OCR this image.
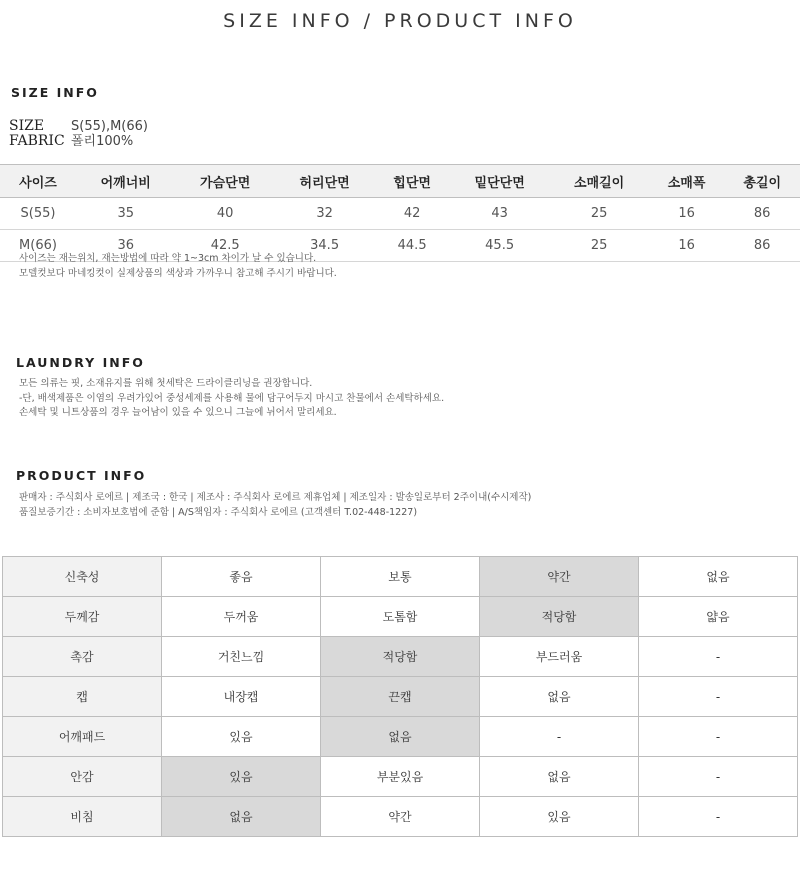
SIZE INFO / PRODUCT INFO
SIZE INFO
SIZE	S(55),M(66)
FABRIC 폴리100%
사이즈	어깨너비	가슴단면	허리단면	힙단면	밑단단면	소매길이	소매폭	총길이
S(55)	35	40	32	42	43	25	16	86
M(66)	36	42.5	34.5	44.5	45.5	25	16	86
사이즈는 재는위치, 재는방법에 따라 약 1~3cm 차이가 날 수 있습니다.
모델컷보다 마네킹컷이 실제상품의 색상과 가까우니 참고해 주시기 바랍니다.
LAUNDRY INFO
모든 의류는 핏, 소재유지를 위해 첫세탁은 드라이클리닝을 권장합니다.
-단, 배색제품은 이염의 우려가있어 중성세제를 사용해 물에 담구어두지 마시고 찬물에서 손세탁하세요.
손세탁 및 니트상품의 경우 늘어남이 있을 수 있으니 그늘에 뉘어서 말리세요.
PRODUCT INFO
판매자 : 주식회사 로에르 | 제조국 : 한국 | 제조사 : 주식회사 로에르 제휴업체 | 제조일자 : 발송일로부터 2주이내(수시제작)
품질보증기간 : 소비자보호법에 준함 | A/S책임자 : 주식회사 로에르 (고객센터 T.02-448-1227)
신축성	좋음	보통	약간	없음
두께감	두꺼움	도톰함	적당함	얇음
촉감	거친느낌	적당함	부드러움	-
캡	내장캡	끈캡	없음	-
어깨패드	있음	없음	-	-
안감	있음	부분있음	없음	-
비침	없음	약간	있음	-
